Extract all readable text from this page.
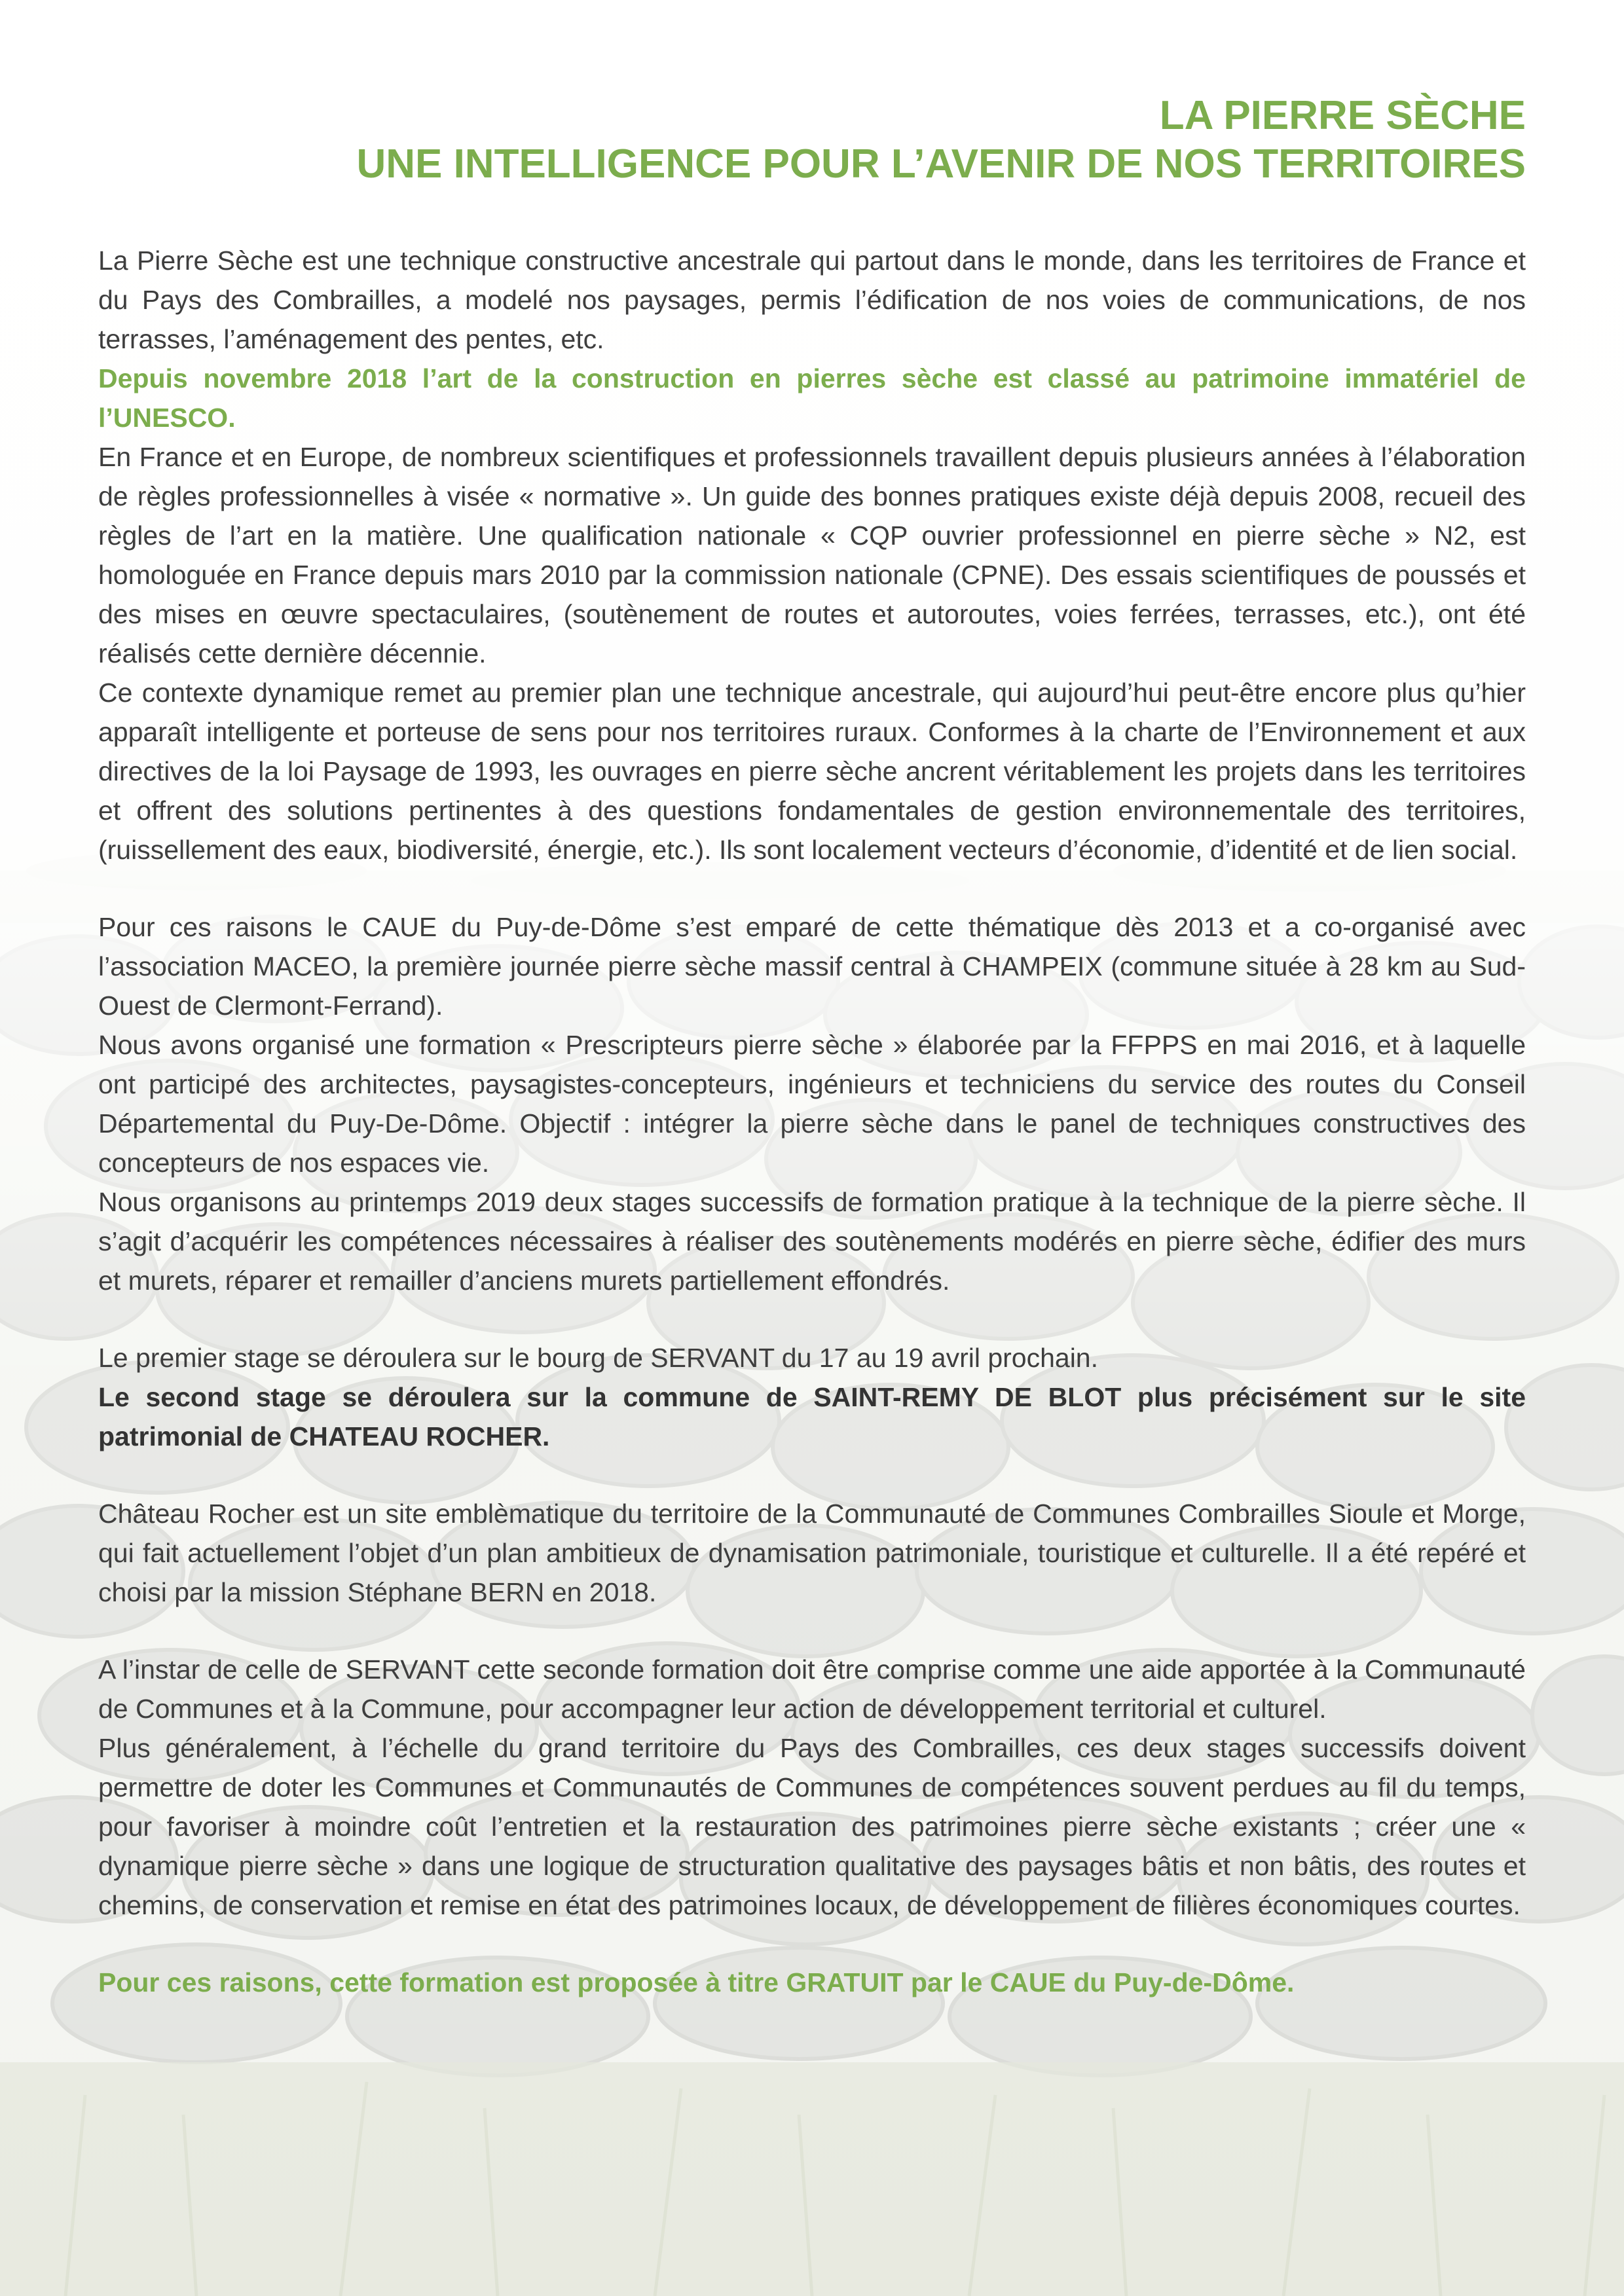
LA PIERRE SÈCHE
UNE INTELLIGENCE POUR L’AVENIR DE NOS TERRITOIRES

La Pierre Sèche est une technique constructive ancestrale qui partout dans le monde, dans les territoires de France et du Pays des Combrailles, a modelé nos paysages, permis l’édification de nos voies de communications, de nos terrasses, l’aménagement des pentes, etc.

Depuis novembre 2018 l’art de la construction en pierres sèche est classé au patrimoine immatériel de l’UNESCO.

En France et en Europe, de nombreux scientifiques et professionnels travaillent depuis plusieurs années à l’élaboration de règles professionnelles à visée « normative ». Un guide des bonnes pratiques existe déjà depuis 2008, recueil des règles de l’art en la matière. Une qualification nationale « CQP ouvrier professionnel en pierre sèche » N2, est homologuée en France depuis mars 2010 par la commission nationale (CPNE). Des essais scientifiques de poussés et des mises en œuvre spectaculaires, (soutènement de routes et autoroutes, voies ferrées, terrasses, etc.), ont été réalisés cette dernière décennie.

Ce contexte dynamique remet au premier plan une technique ancestrale, qui aujourd’hui peut-être encore plus qu’hier apparaît intelligente et porteuse de sens pour nos territoires ruraux. Conformes à la charte de l’Environnement et aux directives de la loi Paysage de 1993, les ouvrages en pierre sèche ancrent véritablement les projets dans les territoires et offrent des solutions pertinentes à des questions fondamentales de gestion environnementale des territoires, (ruissellement des eaux, biodiversité, énergie, etc.). Ils sont localement vecteurs d’économie, d’identité et de lien social.

Pour ces raisons le CAUE du Puy-de-Dôme s’est emparé de cette thématique dès 2013 et a co-organisé avec l’association MACEO, la première journée pierre sèche massif central à CHAMPEIX (commune située à 28 km au Sud-Ouest de Clermont-Ferrand).

Nous avons organisé une formation « Prescripteurs pierre sèche » élaborée par la FFPPS en mai 2016, et à laquelle ont participé des architectes, paysagistes-concepteurs, ingénieurs et techniciens du service des routes du Conseil Départemental du Puy-De-Dôme. Objectif : intégrer la pierre sèche dans le panel de techniques constructives des concepteurs de nos espaces vie.

Nous organisons au printemps 2019 deux stages successifs de formation pratique à la technique de la pierre sèche. Il s’agit d’acquérir les compétences nécessaires à réaliser des soutènements modérés en pierre sèche, édifier des murs et murets, réparer et remailler d’anciens murets partiellement effondrés.

Le premier stage se déroulera sur le bourg de SERVANT du 17 au 19 avril prochain.

Le second stage se déroulera sur la commune de SAINT-REMY DE BLOT plus précisément sur le site patrimonial de CHATEAU ROCHER.

Château Rocher est un site emblèmatique du territoire de la Communauté de Communes Combrailles Sioule et Morge, qui fait actuellement l’objet d’un plan ambitieux de dynamisation patrimoniale, touristique et culturelle. Il a été repéré et choisi par la mission Stéphane BERN en 2018.

A l’instar de celle de SERVANT cette seconde formation doit être comprise comme une aide apportée à la Communauté de Communes et à la Commune, pour accompagner leur action de développement territorial et culturel.

Plus généralement, à l’échelle du grand territoire du Pays des Combrailles, ces deux stages successifs doivent permettre de doter les Communes et Communautés de Communes de compétences souvent perdues au fil du temps, pour favoriser à moindre coût l’entretien et la restauration des patrimoines pierre sèche existants ; créer une « dynamique pierre sèche » dans une logique de structuration qualitative des paysages bâtis et non bâtis, des routes et chemins, de conservation et remise en état des patrimoines locaux, de développement de filières économiques courtes.

Pour ces raisons, cette formation est proposée à titre GRATUIT par le CAUE du Puy-de-Dôme.
